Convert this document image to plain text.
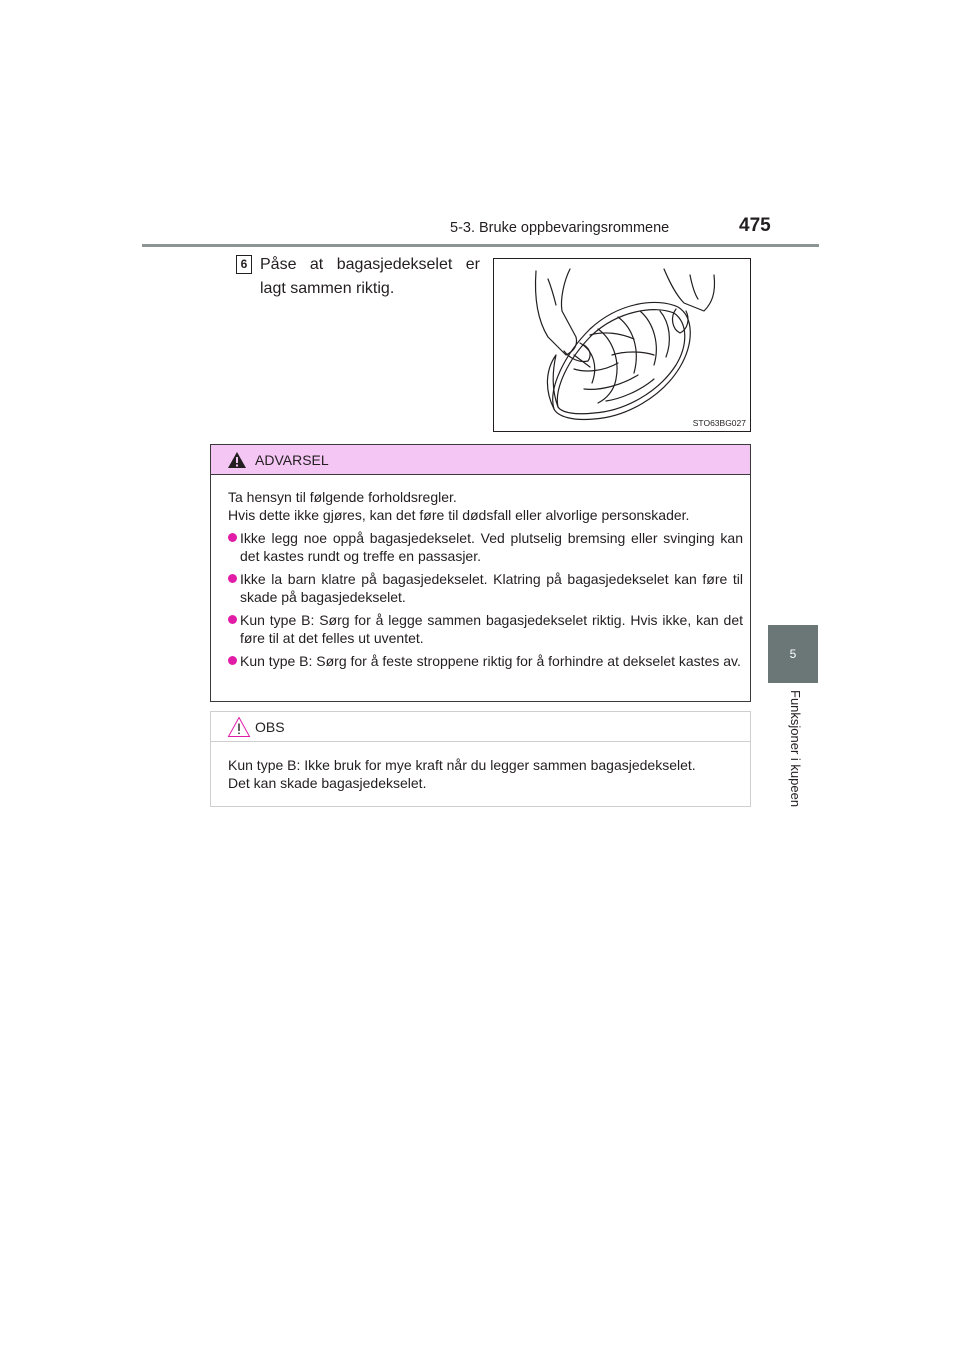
5-3. Bruke oppbevaringsrommene	475
5
Funksjoner i kupeen
6 Påse at bagasjedekselet er lagt sammen riktig.
STO63BG027
ADVARSEL

Ta hensyn til følgende forholdsregler.

Hvis dette ikke gjøres, kan det føre til dødsfall eller alvorlige personskader.

Ikke legg noe oppå bagasjedekselet. Ved plutselig bremsing eller svinging kan det kastes rundt og treffe en passasjer.
Ikke la barn klatre på bagasjedekselet. Klatring på bagasjedekselet kan føre til skade på bagasjedekselet.
Kun type B: Sørg for å legge sammen bagasjedekselet riktig. Hvis ikke, kan det føre til at det felles ut uventet.
Kun type B: Sørg for å feste stroppene riktig for å forhindre at dekselet kastes av.
OBS

Kun type B: Ikke bruk for mye kraft når du legger sammen bagasjedekselet.

Det kan skade bagasjedekselet.
